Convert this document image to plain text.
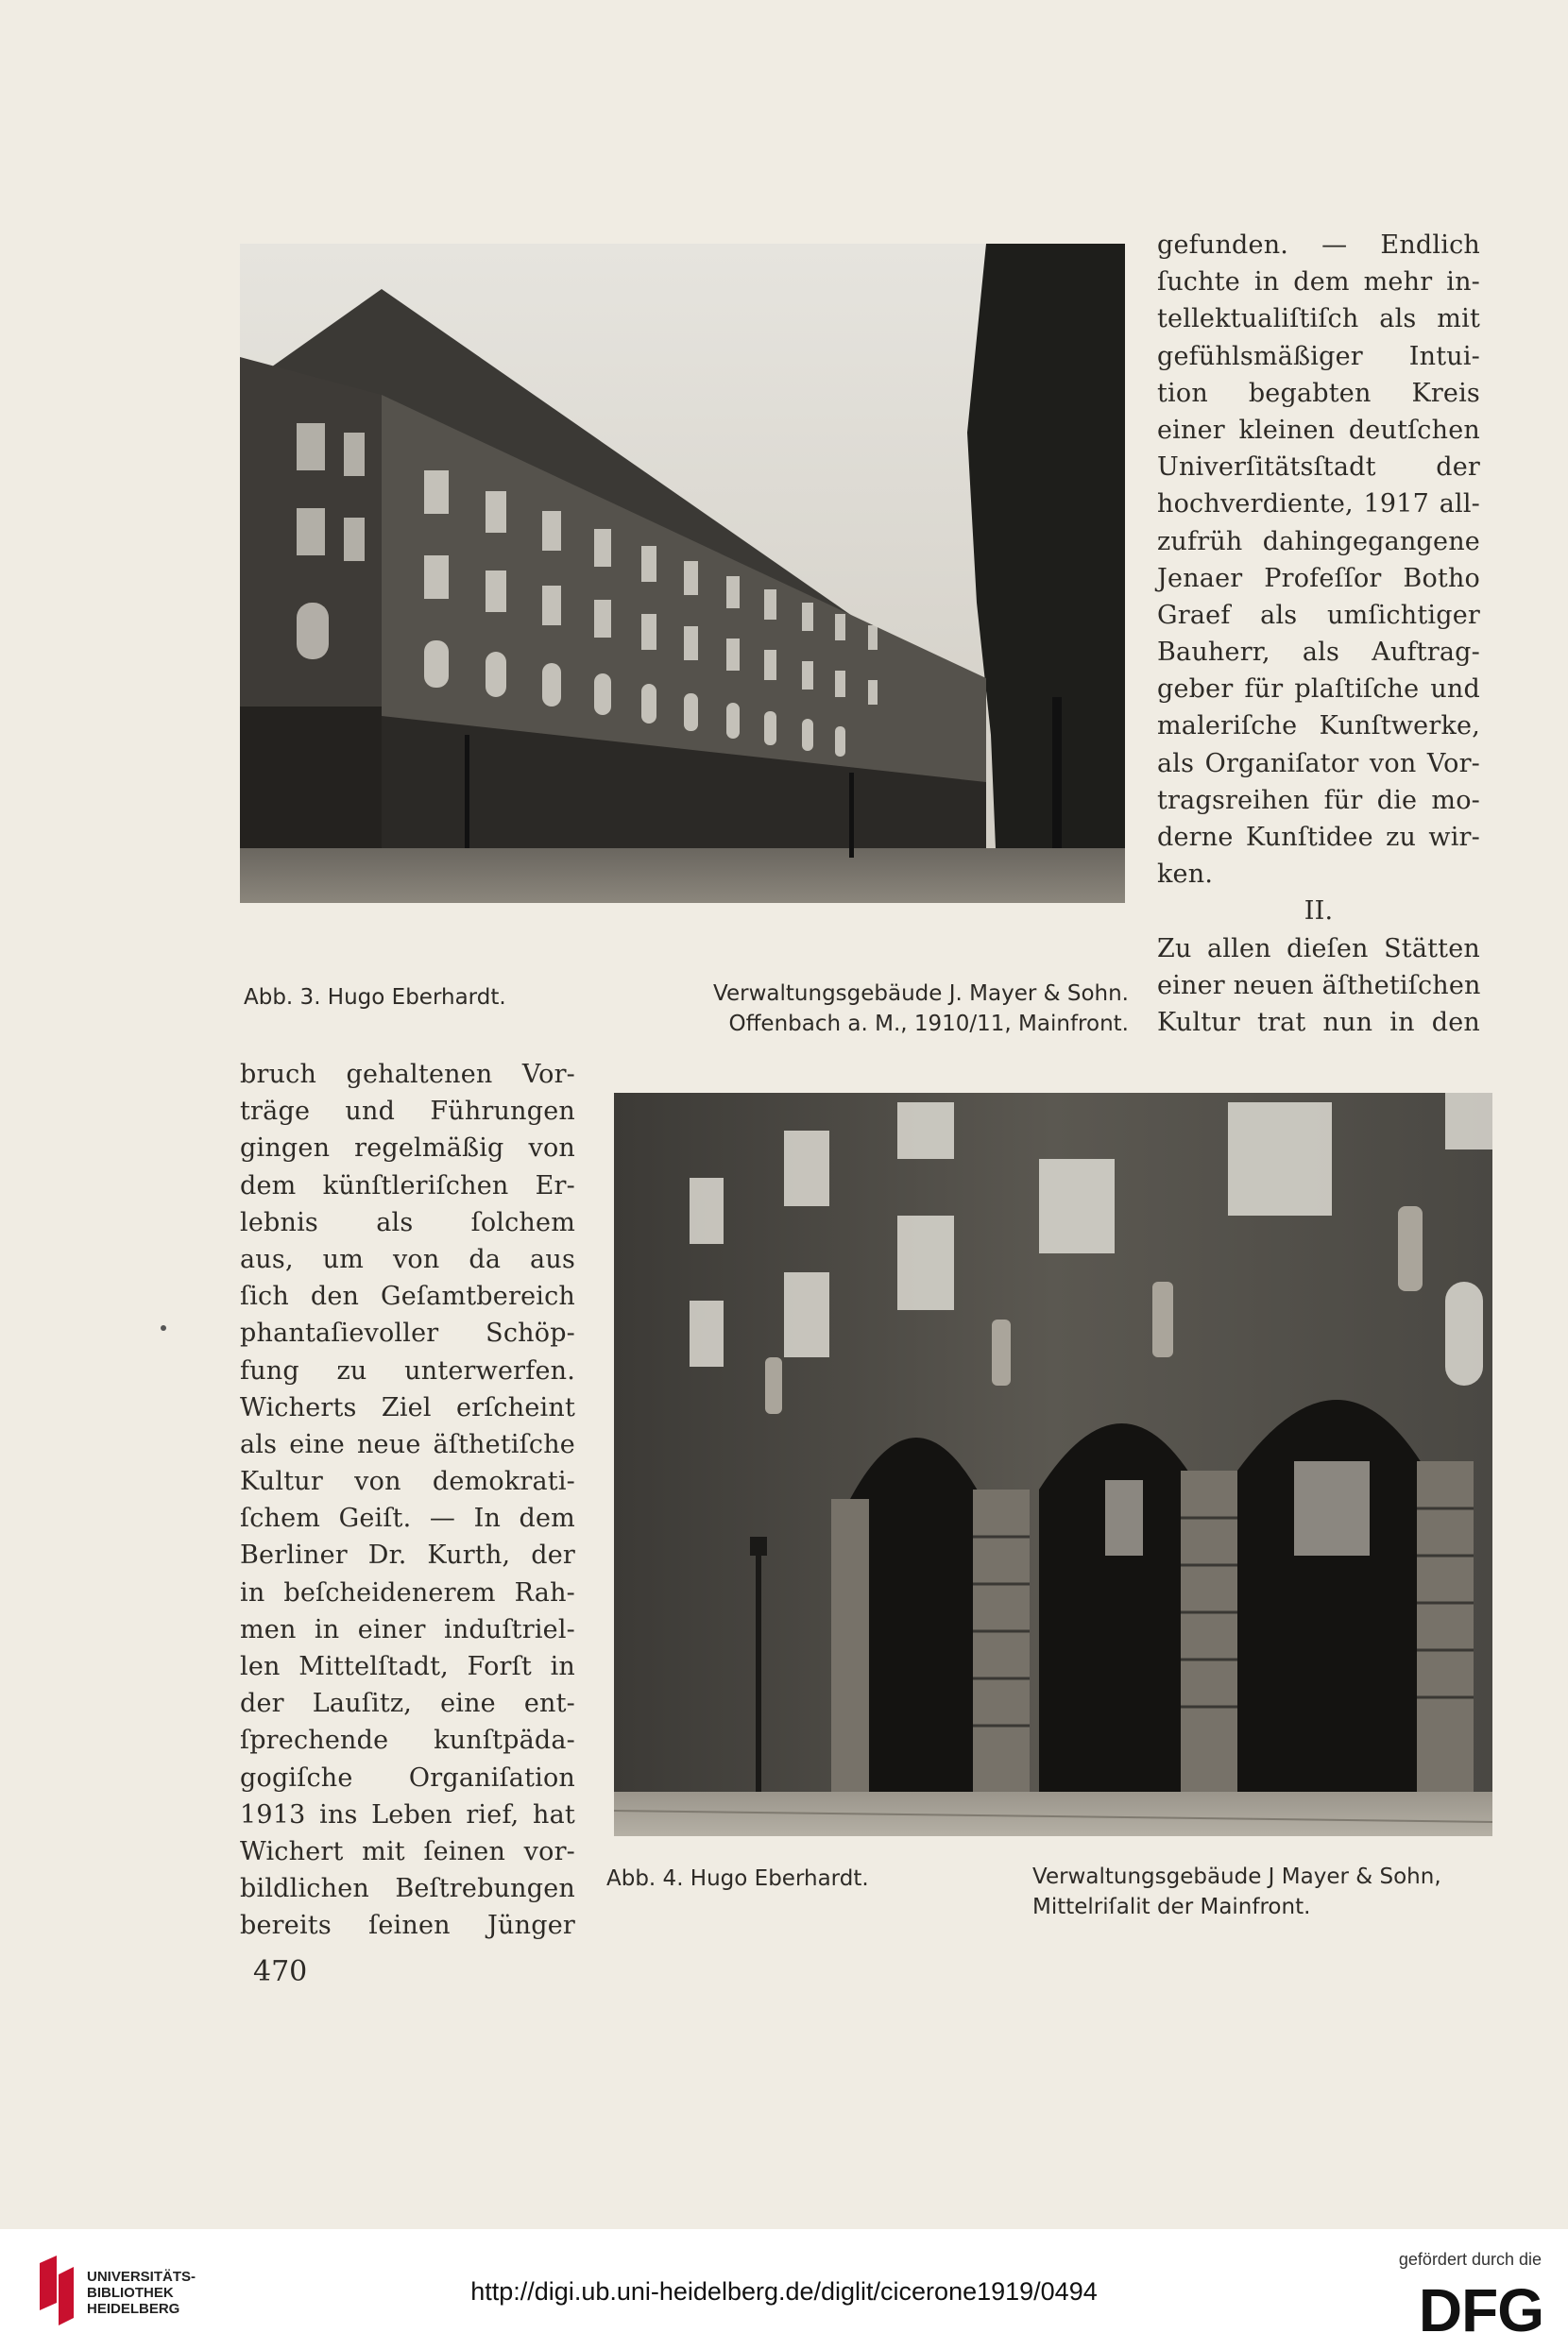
gefunden. — Endlich
ſuchte in dem mehr in-
tellektualiſtiſch als mit
gefühlsmäßiger Intui-
tion begabten Kreis
einer kleinen deutſchen
Univerſitätsſtadt der
hochverdiente, 1917 all-
zufrüh dahingegangene
Jenaer Profeſſor Botho
Graef als umſichtiger
Bauherr, als Auftrag-
geber für plaſtiſche und
maleriſche Kunſtwerke,
als Organiſator von Vor-
tragsreihen für die mo-
derne Kunſtidee zu wir-
ken.
II.
Zu allen dieſen Stätten
einer neuen äſthetiſchen
Kultur trat nun in den
Abb. 3. Hugo Eberhardt.	Verwaltungsgebäude J. Mayer & Sohn.
Offenbach a. M., 1910/11, Mainfront.
bruch gehaltenen Vor-
träge und Führungen
gingen regelmäßig von
dem künſtleriſchen Er-
lebnis als ſolchem
aus, um von da aus
ſich den Geſamtbereich
phantaſievoller Schöp-
fung zu unterwerfen.
Wicherts Ziel erſcheint
als eine neue äſthetiſche
Kultur von demokrati-
ſchem Geiſt. — In dem
Berliner Dr. Kurth, der
in beſcheidenerem Rah-
men in einer induſtriel-
len Mittelſtadt, Forſt in
der Lauſitz, eine ent-
ſprechende kunſtpäda-
gogiſche Organiſation
1913 ins Leben rief, hat
Wichert mit ſeinen vor-
bildlichen Beſtrebungen
bereits ſeinen Jünger
Abb. 4. Hugo Eberhardt.	Verwaltungsgebäude J Mayer & Sohn,
Mittelriſalit der Mainfront.
470
UNIVERSITÄTS-
BIBLIOTHEK
HEIDELBERG
http://digi.ub.uni-heidelberg.de/diglit/cicerone1919/0494
gefördert durch die
DFG
